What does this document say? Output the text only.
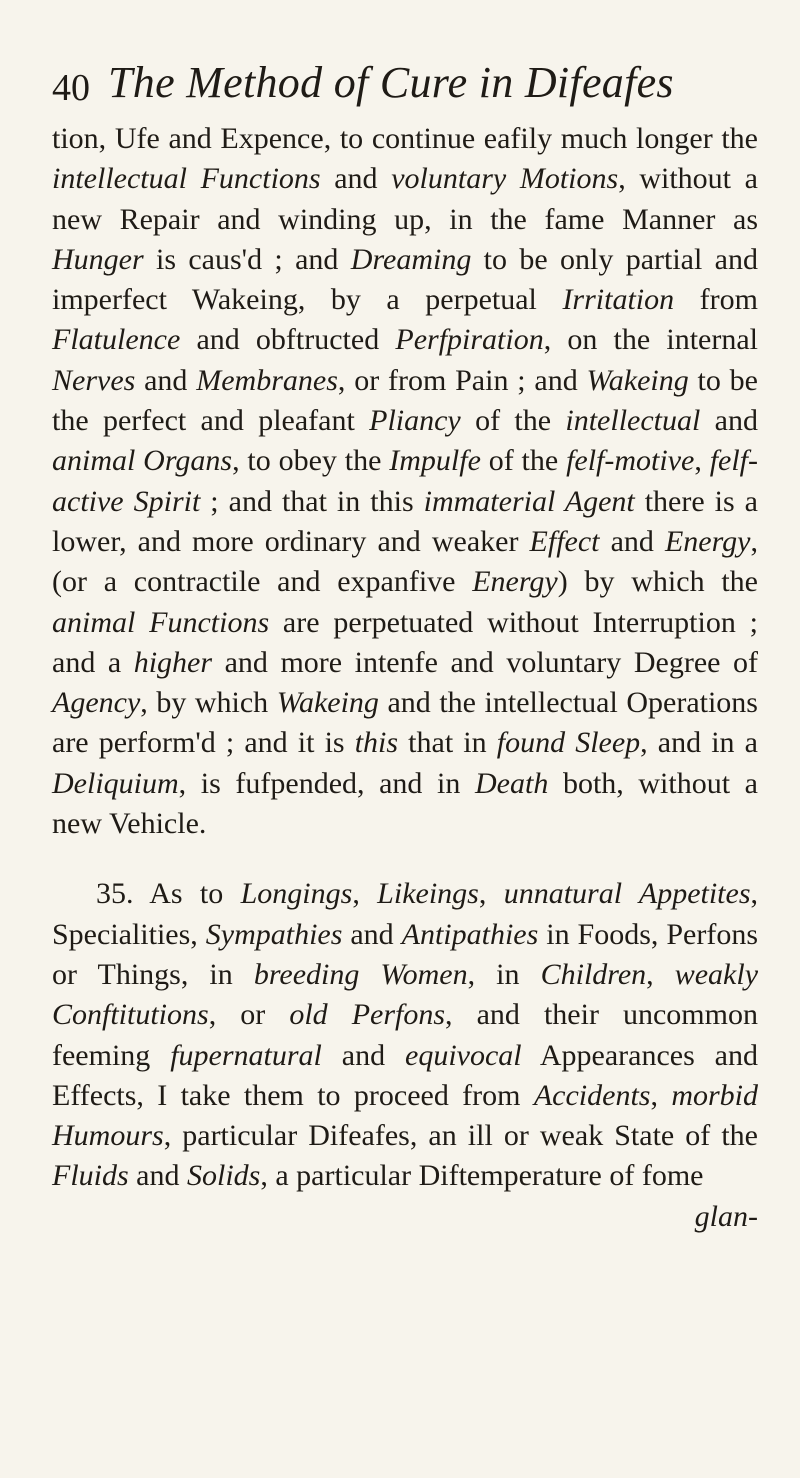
40 The Method of Cure in Difeafes

tion, Ufe and Expence, to continue eafily much longer the intellectual Functions and voluntary Motions, without a new Repair and winding up, in the fame Manner as Hunger is caus'd ; and Dreaming to be only partial and imperfect Wakeing, by a perpetual Irritation from Flatulence and obftructed Perfpiration, on the internal Nerves and Membranes, or from Pain ; and Wakeing to be the perfect and pleafant Pliancy of the intellectual and animal Organs, to obey the Impulfe of the felf-motive, felf-active Spirit ; and that in this immaterial Agent there is a lower, and more ordinary and weaker Effect and Energy, (or a contractile and expanfive Energy) by which the animal Functions are perpetuated without Interruption ; and a higher and more intenfe and voluntary Degree of Agency, by which Wakeing and the intellectual Operations are perform'd ; and it is this that in found Sleep, and in a Deliquium, is fufpended, and in Death both, without a new Vehicle.

35. As to Longings, Likeings, unnatural Appetites, Specialities, Sympathies and Antipathies in Foods, Perfons or Things, in breeding Women, in Children, weakly Conftitutions, or old Perfons, and their uncommon feeming fupernatural and equivocal Appearances and Effects, I take them to proceed from Accidents, morbid Humours, particular Difeafes, an ill or weak State of the Fluids and Solids, a particular Diftemperature of fome

glan-
